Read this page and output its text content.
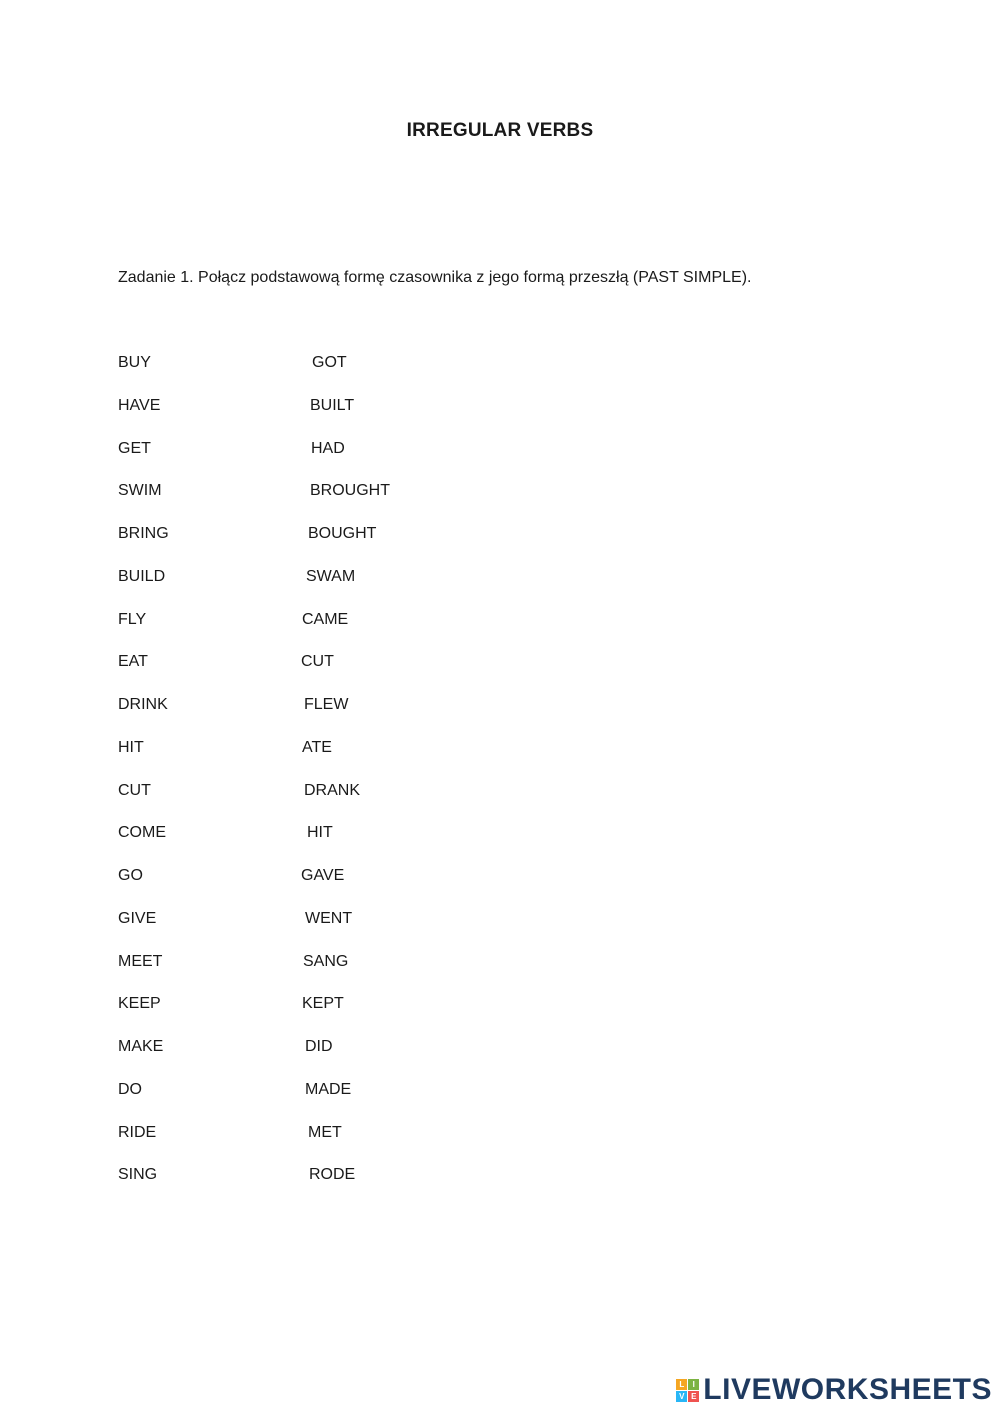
IRREGULAR VERBS
Zadanie 1. Połącz podstawową formę czasownika z jego formą przeszłą (PAST SIMPLE).
BUY	GOT
HAVE	BUILT
GET	HAD
SWIM	BROUGHT
BRING	BOUGHT
BUILD	SWAM
FLY	CAME
EAT	CUT
DRINK	FLEW
HIT	ATE
CUT	DRANK
COME	HIT
GO	GAVE
GIVE	WENT
MEET	SANG
KEEP	KEPT
MAKE	DID
DO	MADE
RIDE	MET
SING	RODE
L	I
V E LIVEWORKSHEETS
